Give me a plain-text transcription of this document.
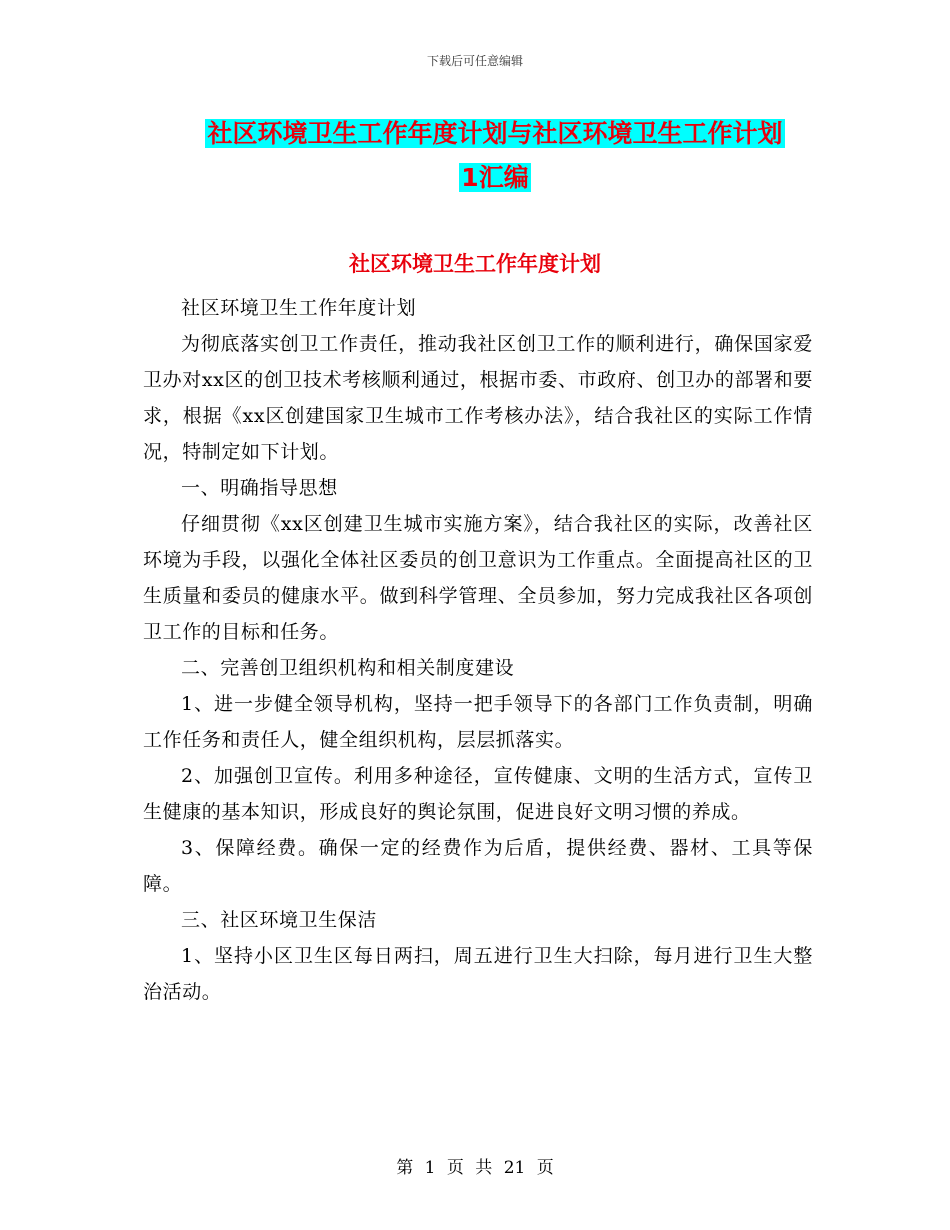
下载后可任意编辑
社区环境卫生工作年度计划与社区环境卫生工作计划
1汇编
社区环境卫生工作年度计划

社区环境卫生工作年度计划

为彻底落实创卫工作责任，推动我社区创卫工作的顺利进行，确保国家爱卫办对xx区的创卫技术考核顺利通过，根据市委、市政府、创卫办的部署和要求，根据《xx区创建国家卫生城市工作考核办法》，结合我社区的实际工作情况，特制定如下计划。

一、明确指导思想

仔细贯彻《xx区创建卫生城市实施方案》，结合我社区的实际，改善社区环境为手段，以强化全体社区委员的创卫意识为工作重点。全面提高社区的卫生质量和委员的健康水平。做到科学管理、全员参加，努力完成我社区各项创卫工作的目标和任务。

二、完善创卫组织机构和相关制度建设

1、进一步健全领导机构，坚持一把手领导下的各部门工作负责制，明确工作任务和责任人，健全组织机构，层层抓落实。

2、加强创卫宣传。利用多种途径，宣传健康、文明的生活方式，宣传卫生健康的基本知识，形成良好的舆论氛围，促进良好文明习惯的养成。

3、保障经费。确保一定的经费作为后盾，提供经费、器材、工具等保障。

三、社区环境卫生保洁

1、坚持小区卫生区每日两扫，周五进行卫生大扫除，每月进行卫生大整治活动。

第 1 页 共 21 页
